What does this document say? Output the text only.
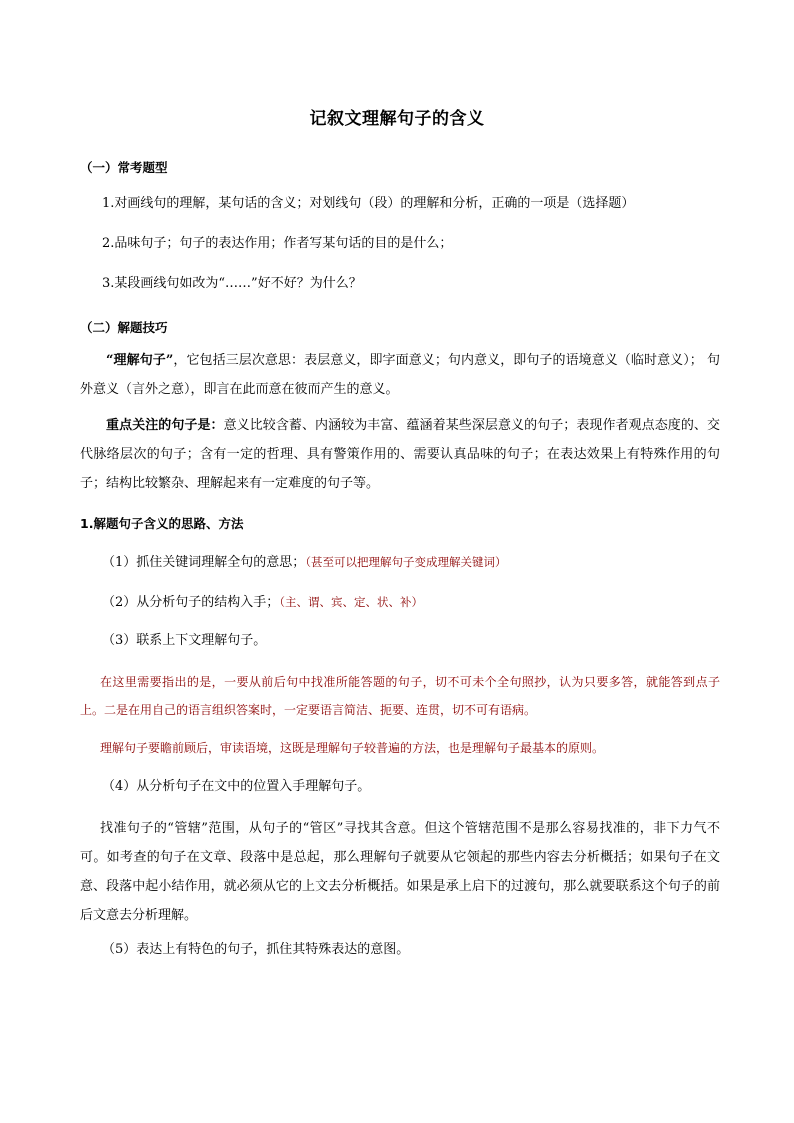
记叙文理解句子的含义
（一）常考题型
1.对画线句的理解，某句话的含义；对划线句（段）的理解和分析，正确的一项是（选择题）
2.品味句子；句子的表达作用；作者写某句话的目的是什么；
3.某段画线句如改为“……”好不好？为什么？
（二）解题技巧
“理解句子”，它包括三层次意思：表层意义，即字面意义；句内意义，即句子的语境意义（临时意义）； 句外意义（言外之意），即言在此而意在彼而产生的意义。
重点关注的句子是：意义比较含蓄、内涵较为丰富、蕴涵着某些深层意义的句子；表现作者观点态度的、交代脉络层次的句子；含有一定的哲理、具有警策作用的、需要认真品味的句子；在表达效果上有特殊作用的句子；结构比较繁杂、理解起来有一定难度的句子等。
1.解题句子含义的思路、方法
（1）抓住关键词理解全句的意思；（甚至可以把理解句子变成理解关键词）
（2）从分析句子的结构入手；（主、谓、宾、定、状、补）
（3）联系上下文理解句子。
在这里需要指出的是，一要从前后句中找准所能答题的句子，切不可未个全句照抄，认为只要多答，就能答到点子上。二是在用自己的语言组织答案时，一定要语言简洁、扼要、连贯，切不可有语病。
理解句子要瞻前顾后，审读语境，这既是理解句子较普遍的方法，也是理解句子最基本的原则。
（4）从分析句子在文中的位置入手理解句子。
找准句子的“管辖”范围，从句子的“管区”寻找其含意。但这个管辖范围不是那么容易找准的，非下力气不可。如考查的句子在文章、段落中是总起，那么理解句子就要从它领起的那些内容去分析概括；如果句子在文意、段落中起小结作用，就必须从它的上文去分析概括。如果是承上启下的过渡句，那么就要联系这个句子的前后文意去分析理解。
（5）表达上有特色的句子，抓住其特殊表达的意图。
